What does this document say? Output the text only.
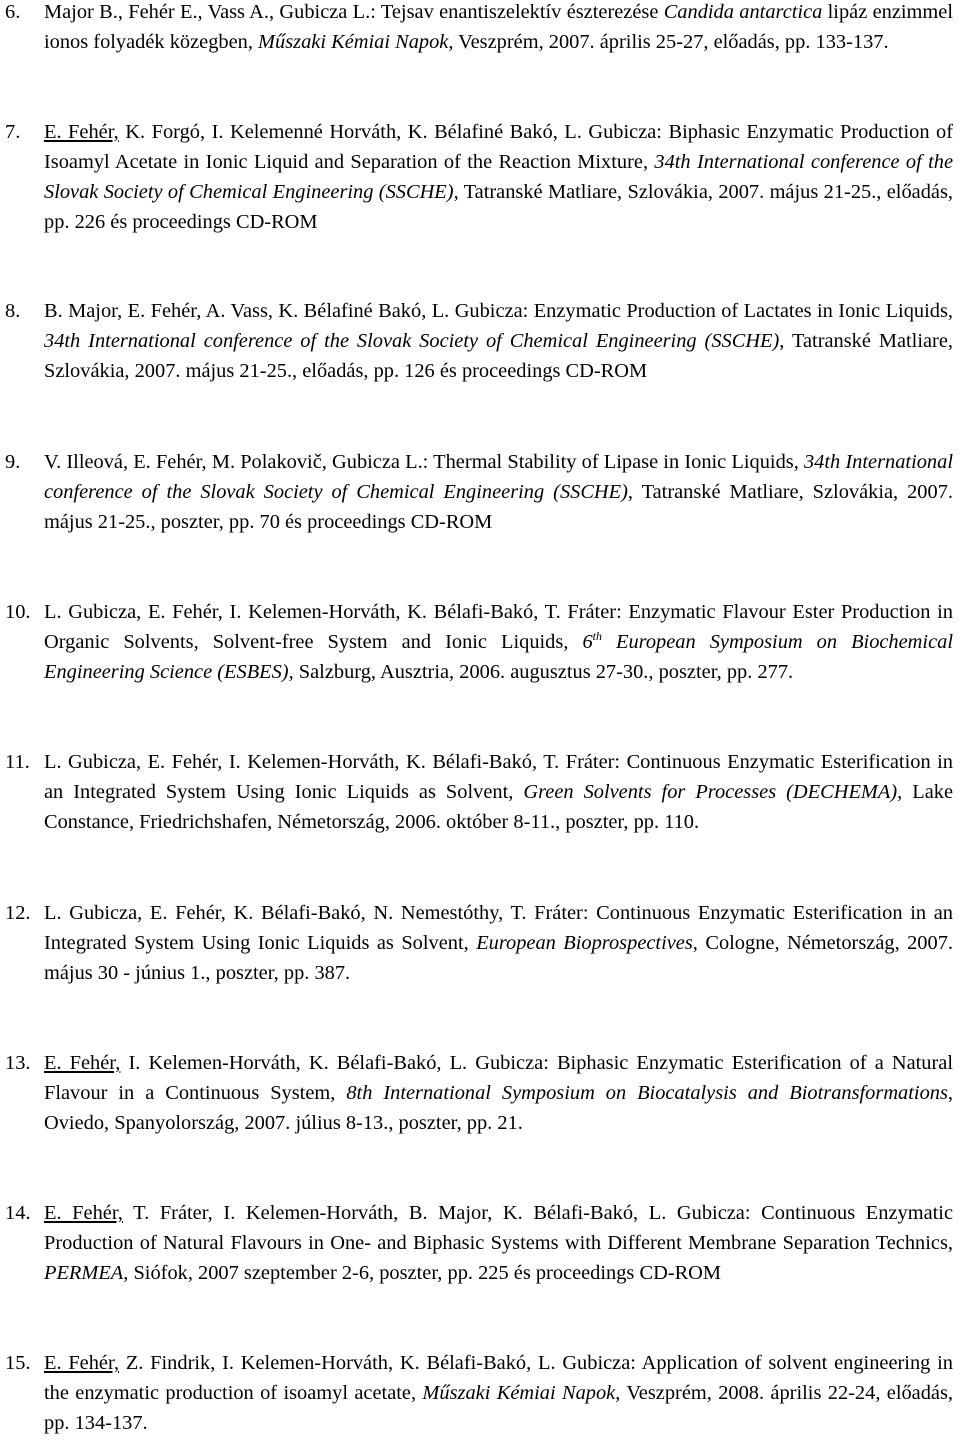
6. Major B., Fehér E., Vass A., Gubicza L.: Tejsav enantiszelektív észterezése Candida antarctica lipáz enzimmel ionos folyadék közegben, Műszaki Kémiai Napok, Veszprém, 2007. április 25-27, előadás, pp. 133-137.
7. E. Fehér, K. Forgó, I. Kelemenné Horváth, K. Bélafiné Bakó, L. Gubicza: Biphasic Enzymatic Production of Isoamyl Acetate in Ionic Liquid and Separation of the Reaction Mixture, 34th International conference of the Slovak Society of Chemical Engineering (SSCHE), Tatranské Matliare, Szlovákia, 2007. május 21-25., előadás, pp. 226 és proceedings CD-ROM
8. B. Major, E. Fehér, A. Vass, K. Bélafiné Bakó, L. Gubicza: Enzymatic Production of Lactates in Ionic Liquids, 34th International conference of the Slovak Society of Chemical Engineering (SSCHE), Tatranské Matliare, Szlovákia, 2007. május 21-25., előadás, pp. 126 és proceedings CD-ROM
9. V. Illeová, E. Fehér, M. Polakovič, Gubicza L.: Thermal Stability of Lipase in Ionic Liquids, 34th International conference of the Slovak Society of Chemical Engineering (SSCHE), Tatranské Matliare, Szlovákia, 2007. május 21-25., poszter, pp. 70 és proceedings CD-ROM
10. L. Gubicza, E. Fehér, I. Kelemen-Horváth, K. Bélafi-Bakó, T. Fráter: Enzymatic Flavour Ester Production in Organic Solvents, Solvent-free System and Ionic Liquids, 6th European Symposium on Biochemical Engineering Science (ESBES), Salzburg, Ausztria, 2006. augusztus 27-30., poszter, pp. 277.
11. L. Gubicza, E. Fehér, I. Kelemen-Horváth, K. Bélafi-Bakó, T. Fráter: Continuous Enzymatic Esterification in an Integrated System Using Ionic Liquids as Solvent, Green Solvents for Processes (DECHEMA), Lake Constance, Friedrichshafen, Németország, 2006. október 8-11., poszter, pp. 110.
12. L. Gubicza, E. Fehér, K. Bélafi-Bakó, N. Nemestóthy, T. Fráter: Continuous Enzymatic Esterification in an Integrated System Using Ionic Liquids as Solvent, European Bioprospectives, Cologne, Németország, 2007. május 30 - június 1., poszter, pp. 387.
13. E. Fehér, I. Kelemen-Horváth, K. Bélafi-Bakó, L. Gubicza: Biphasic Enzymatic Esterification of a Natural Flavour in a Continuous System, 8th International Symposium on Biocatalysis and Biotransformations, Oviedo, Spanyolország, 2007. július 8-13., poszter, pp. 21.
14. E. Fehér, T. Fráter, I. Kelemen-Horváth, B. Major, K. Bélafi-Bakó, L. Gubicza: Continuous Enzymatic Production of Natural Flavours in One- and Biphasic Systems with Different Membrane Separation Technics, PERMEA, Siófok, 2007 szeptember 2-6, poszter, pp. 225 és proceedings CD-ROM
15. E. Fehér, Z. Findrik, I. Kelemen-Horváth, K. Bélafi-Bakó, L. Gubicza: Application of solvent engineering in the enzymatic production of isoamyl acetate, Műszaki Kémiai Napok, Veszprém, 2008. április 22-24, előadás, pp. 134-137.
